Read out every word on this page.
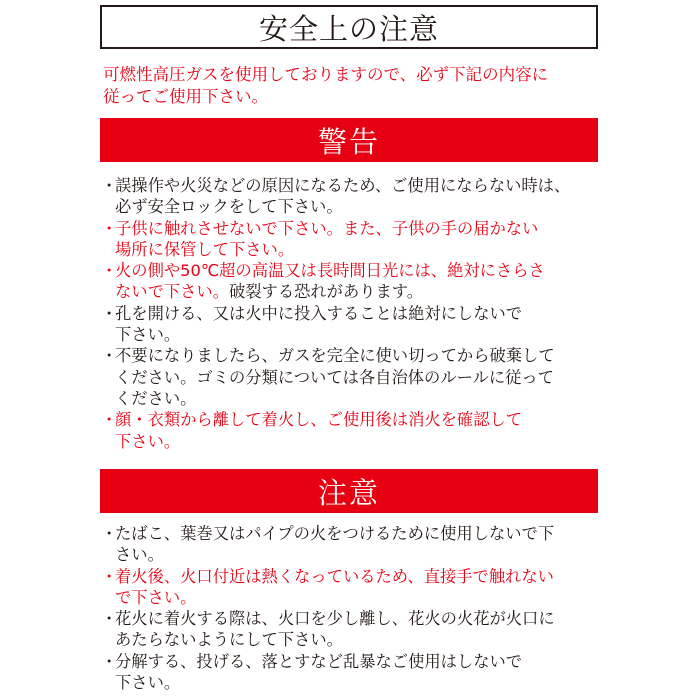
安全上の注意
可燃性高圧ガスを使用しておりますので、必ず下記の内容に
従ってご使用下さい。
警告
・
誤操作や火災などの原因になるため、ご使用にならない時は、
必ず安全ロックをして下さい。
・
子供に触れさせないで下さい。また、子供の手の届かない
場所に保管して下さい。
・
火の側や50℃超の高温又は長時間日光には、絶対にさらさ
ないで下さい。破裂する恐れがあります。
・
孔を開ける、又は火中に投入することは絶対にしないで
下さい。
・
不要になりましたら、ガスを完全に使い切ってから破棄して
ください。ゴミの分類については各自治体のルールに従って
ください。
・
顔・衣類から離して着火し、ご使用後は消火を確認して
下さい。
注意
・
たばこ、葉巻又はパイプの火をつけるために使用しないで下
さい。
・
着火後、火口付近は熱くなっているため、直接手で触れない
で下さい。
・
花火に着火する際は、火口を少し離し、花火の火花が火口に
あたらないようにして下さい。
・
分解する、投げる、落とすなど乱暴なご使用はしないで
下さい。
